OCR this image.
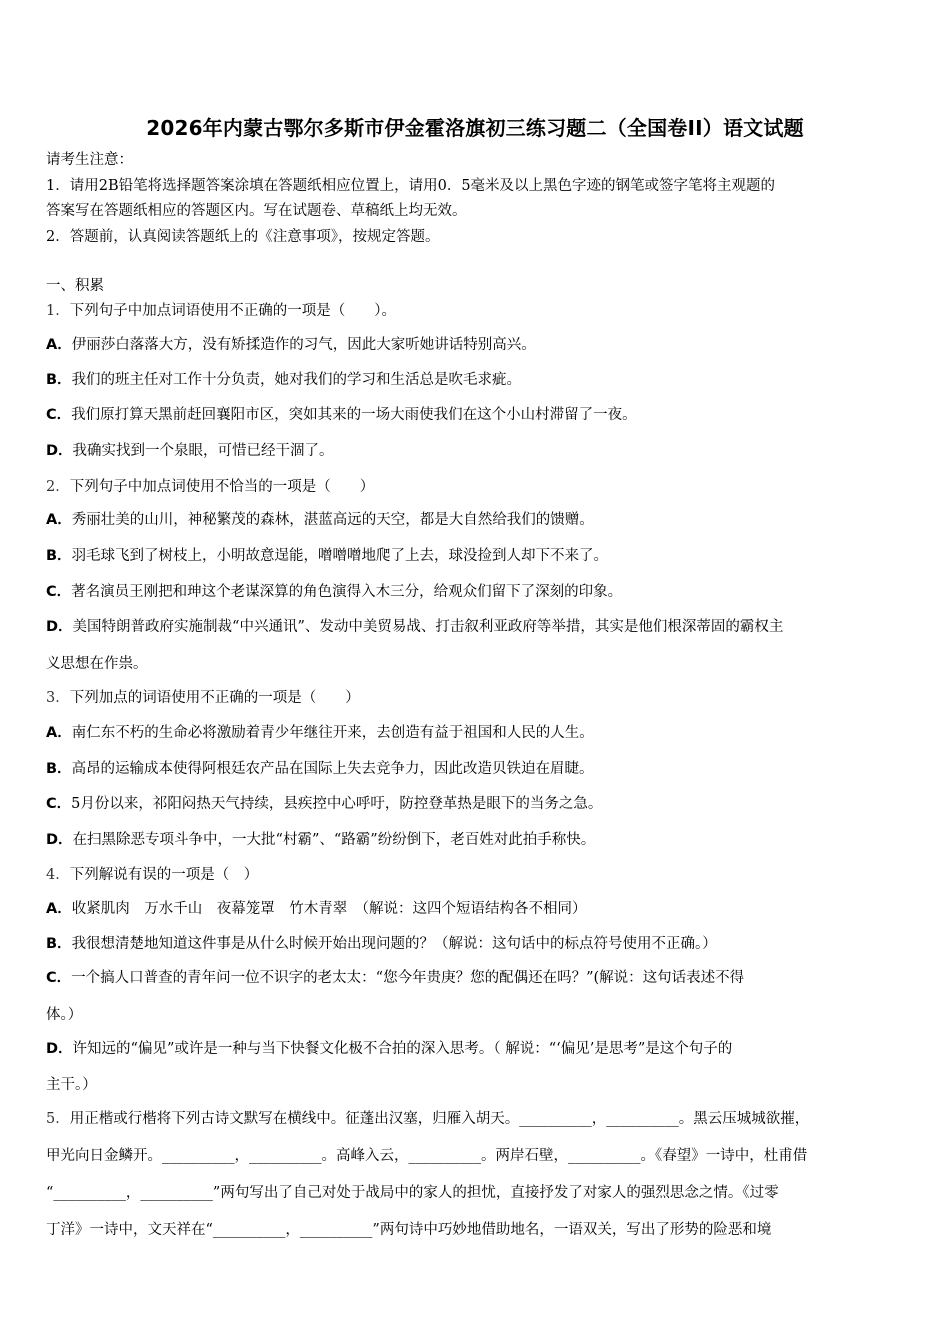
2026年内蒙古鄂尔多斯市伊金霍洛旗初三练习题二（全国卷II）语文试题
请考生注意：
1．请用2B铅笔将选择题答案涂填在答题纸相应位置上，请用0．5毫米及以上黑色字迹的钢笔或签字笔将主观题的
答案写在答题纸相应的答题区内。写在试题卷、草稿纸上均无效。
2．答题前，认真阅读答题纸上的《注意事项》，按规定答题。
一、积累
1．下列句子中加点词语使用不正确的一项是（　　）。
A．伊丽莎白落落大方，没有矫揉造作的习气，因此大家听她讲话特别高兴。
B．我们的班主任对工作十分负责，她对我们的学习和生活总是吹毛求疵。
C．我们原打算天黑前赶回襄阳市区，突如其来的一场大雨使我们在这个小山村滞留了一夜。
D．我确实找到一个泉眼，可惜已经干涸了。
2．下列句子中加点词使用不恰当的一项是（　　）
A．秀丽壮美的山川，神秘繁茂的森林，湛蓝高远的天空，都是大自然给我们的馈赠。
B．羽毛球飞到了树枝上，小明故意逞能，噌噌噌地爬了上去，球没捡到人却下不来了。
C．著名演员王刚把和珅这个老谋深算的角色演得入木三分，给观众们留下了深刻的印象。
D．美国特朗普政府实施制裁“中兴通讯”、发动中美贸易战、打击叙利亚政府等举措，其实是他们根深蒂固的霸权主
义思想在作祟。
3．下列加点的词语使用不正确的一项是（　　）
A．南仁东不朽的生命必将激励着青少年继往开来，去创造有益于祖国和人民的人生。
B．高昂的运输成本使得阿根廷农产品在国际上失去竞争力，因此改造贝铁迫在眉睫。
C．5月份以来，祁阳闷热天气持续，县疾控中心呼吁，防控登革热是眼下的当务之急。
D．在扫黑除恶专项斗争中，一大批“村霸”、“路霸”纷纷倒下，老百姓对此拍手称快。
4．下列解说有误的一项是（　）
A．收紧肌肉　万水千山　夜幕笼罩　竹木青翠　（解说：这四个短语结构各不相同）
B．我很想清楚地知道这件事是从什么时候开始出现问题的？（解说：这句话中的标点符号使用不正确。）
C．一个搞人口普查的青年问一位不识字的老太太：“您今年贵庚？您的配偶还在吗？”(解说：这句话表述不得
体。）
D．许知远的“偏见”或许是一种与当下快餐文化极不合拍的深入思考。（ 解说：“‘偏见’是思考”是这个句子的
主干。）
5．用正楷或行楷将下列古诗文默写在横线中。征蓬出汉塞，归雁入胡天。__________，__________。黑云压城城欲摧，
甲光向日金鳞开。__________，__________。高峰入云，__________。两岸石壁，__________。《春望》一诗中，杜甫借
“__________，__________”两句写出了自己对处于战局中的家人的担忧，直接抒发了对家人的强烈思念之情。《过零
丁洋》一诗中，文天祥在“__________，__________”两句诗中巧妙地借助地名，一语双关，写出了形势的险恶和境
